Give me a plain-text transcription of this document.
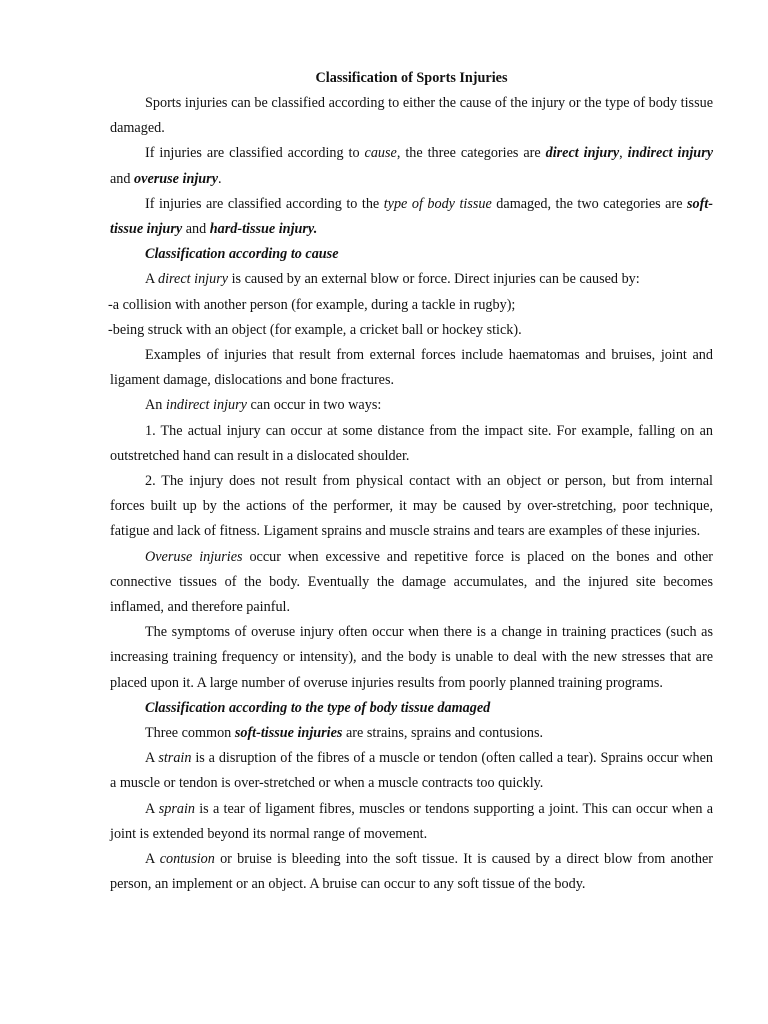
Classification of Sports Injuries

Sports injuries can be classified according to either the cause of the injury or the type of body tissue damaged.

If injuries are classified according to cause, the three categories are direct injury, indirect injury and overuse injury.

If injuries are classified according to the type of body tissue damaged, the two categories are soft-tissue injury and hard-tissue injury.

Classification according to cause

A direct injury is caused by an external blow or force. Direct injuries can be caused by:

-a collision with another person (for example, during a tackle in rugby);

-being struck with an object (for example, a cricket ball or hockey stick).

Examples of injuries that result from external forces include haematomas and bruises, joint and ligament damage, dislocations and bone fractures.

An indirect injury can occur in two ways:

1. The actual injury can occur at some distance from the impact site. For example, falling on an outstretched hand can result in a dislocated shoulder.

2. The injury does not result from physical contact with an object or person, but from internal forces built up by the actions of the performer, it may be caused by over-stretching, poor technique, fatigue and lack of fitness. Ligament sprains and muscle strains and tears are examples of these injuries.

Overuse injuries occur when excessive and repetitive force is placed on the bones and other connective tissues of the body. Eventually the damage accumulates, and the injured site becomes inflamed, and therefore painful.

The symptoms of overuse injury often occur when there is a change in training practices (such as increasing training frequency or intensity), and the body is unable to deal with the new stresses that are placed upon it. A large number of overuse injuries results from poorly planned training programs.

Classification according to the type of body tissue damaged

Three common soft-tissue injuries are strains, sprains and contusions.

A strain is a disruption of the fibres of a muscle or tendon (often called a tear). Sprains occur when a muscle or tendon is over-stretched or when a muscle contracts too quickly.

A sprain is a tear of ligament fibres, muscles or tendons supporting a joint. This can occur when a joint is extended beyond its normal range of movement.

A contusion or bruise is bleeding into the soft tissue. It is caused by a direct blow from another person, an implement or an object. A bruise can occur to any soft tissue of the body.
